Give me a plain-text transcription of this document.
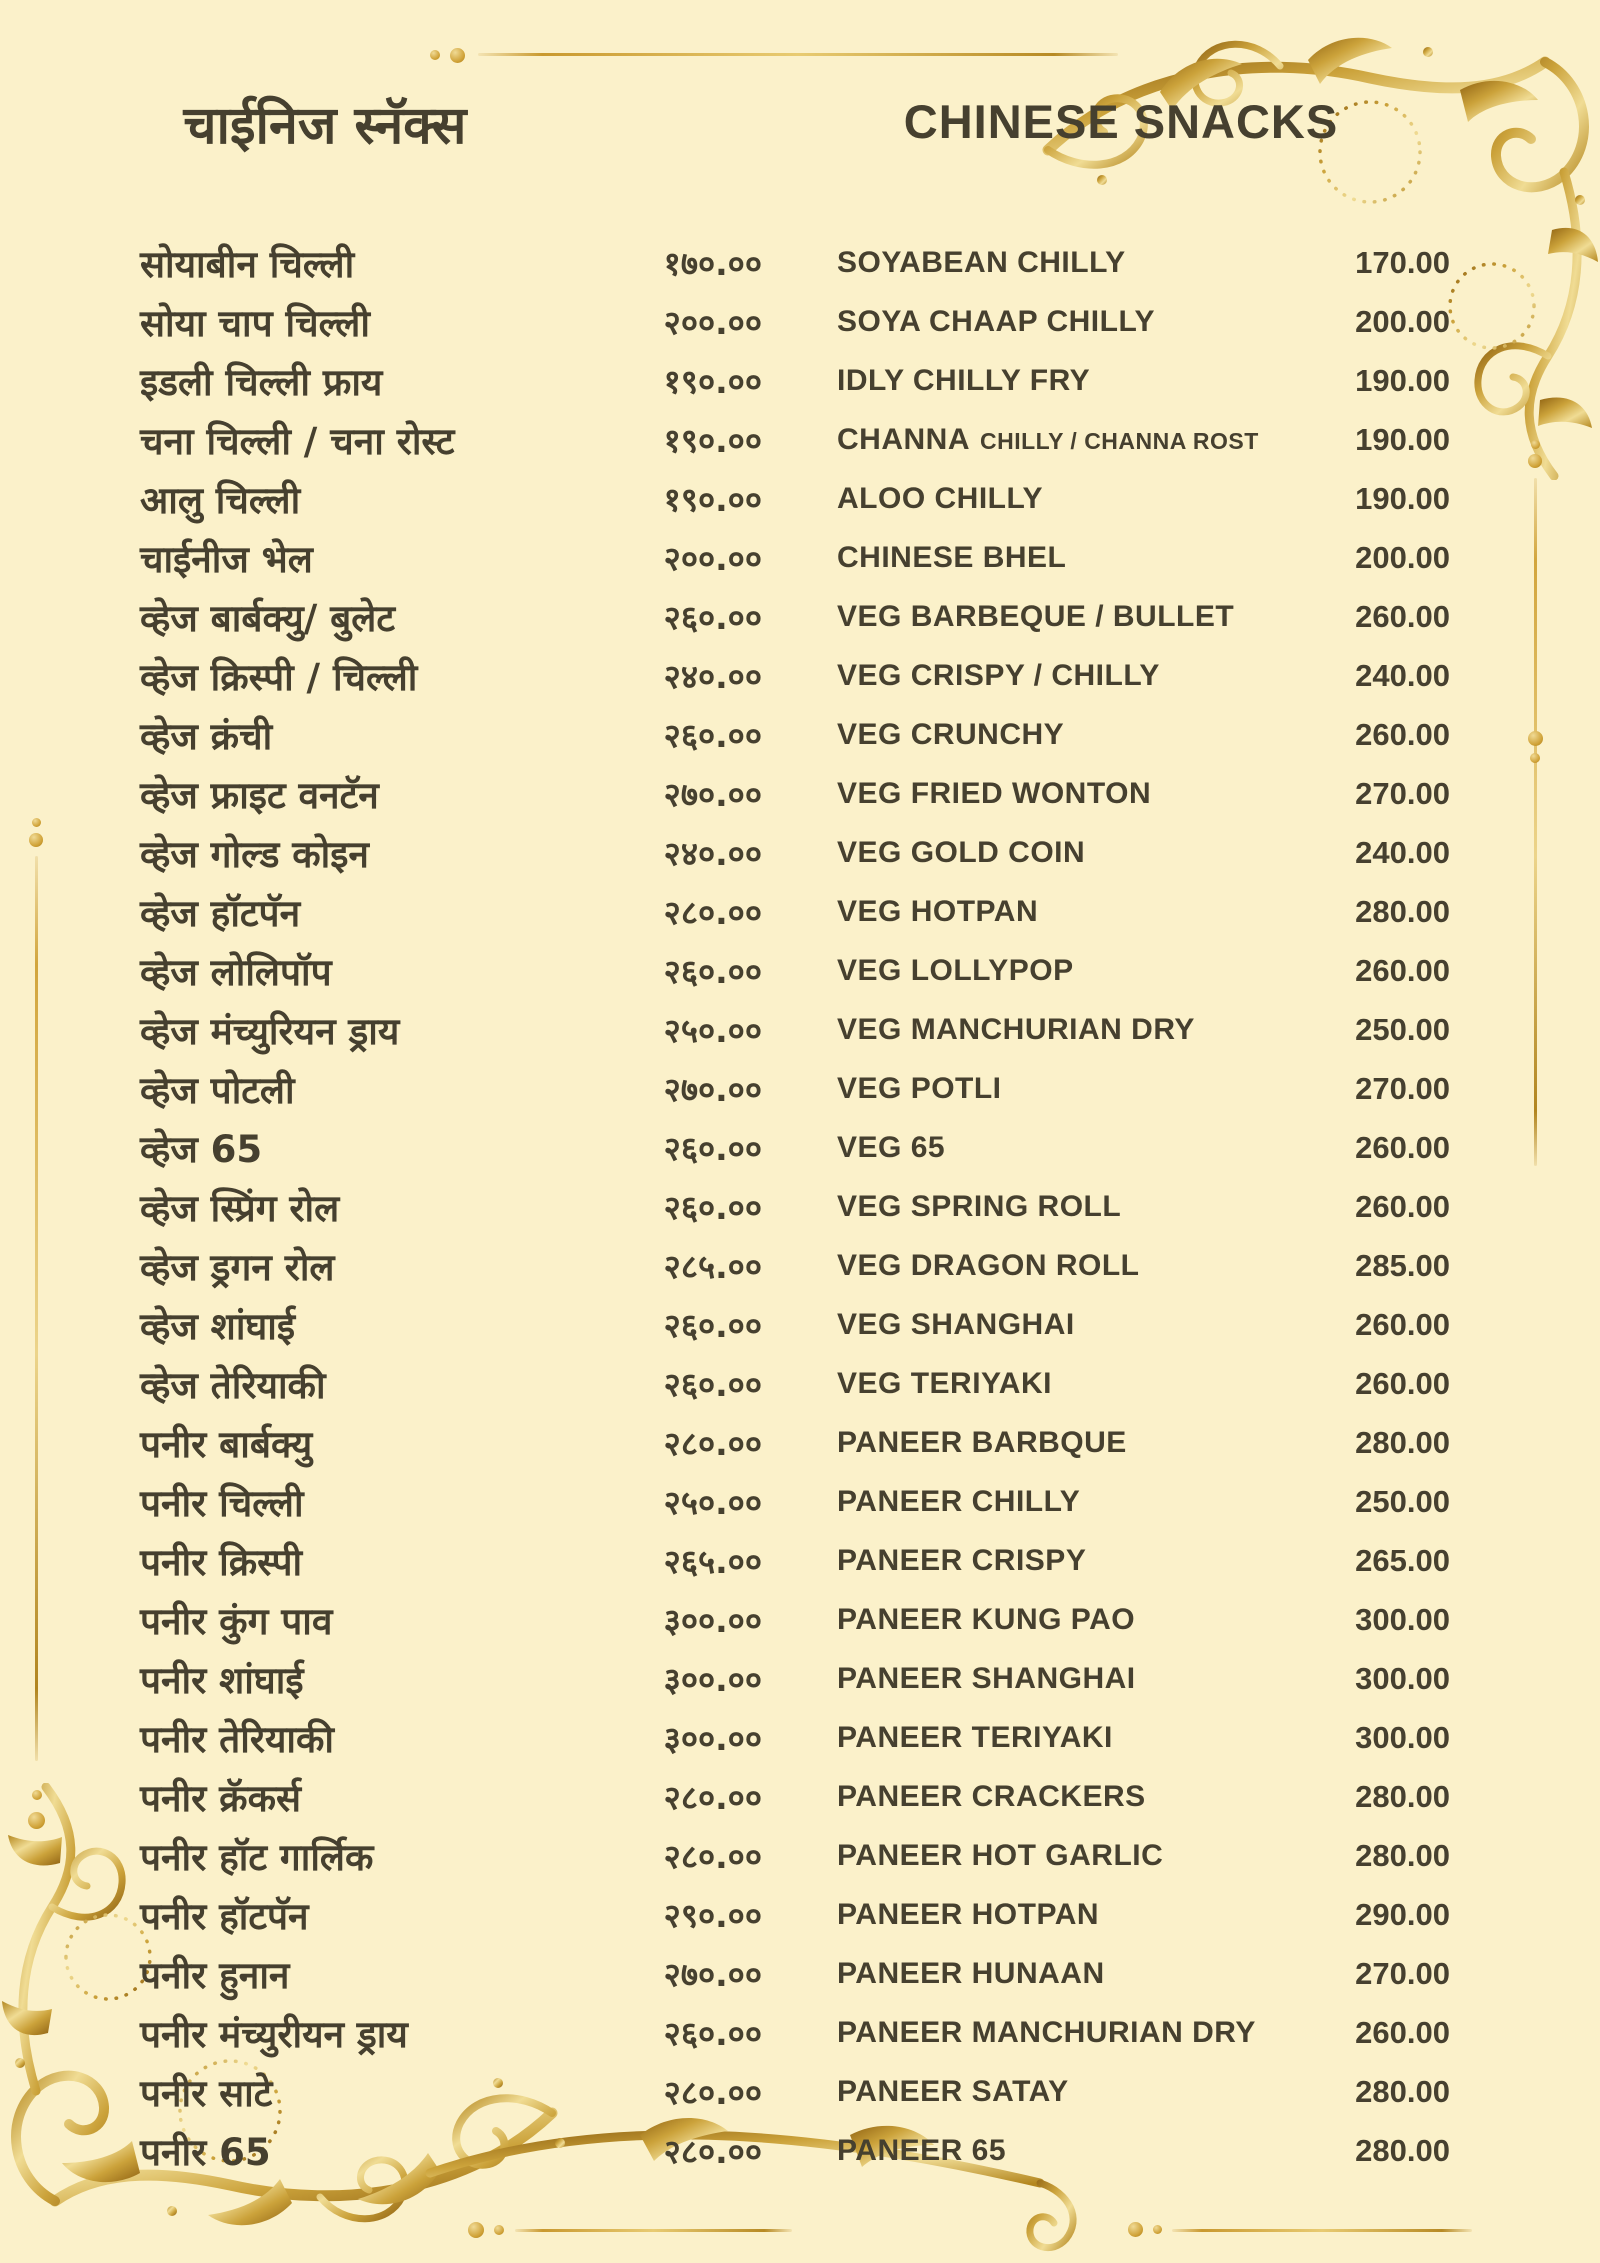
चाईनिज स्नॅक्स	CHINESE SNACKS
सोयाबीन चिल्ली	१७०.००	SOYABEAN CHILLY	170.00
सोया चाप चिल्ली	२००.००	SOYA CHAAP CHILLY	200.00
इडली चिल्ली फ्राय	१९०.००	IDLY CHILLY FRY	190.00
चना चिल्ली / चना रोस्ट	१९०.००	CHANNA CHILLY / CHANNA ROST	190.00
आलु चिल्ली	१९०.००	ALOO CHILLY	190.00
चाईनीज भेल	२००.००	CHINESE BHEL	200.00
व्हेज बार्बक्यु/ बुलेट	२६०.००	VEG BARBEQUE / BULLET	260.00
व्हेज क्रिस्पी / चिल्ली	२४०.००	VEG CRISPY / CHILLY	240.00
व्हेज क्रंची	२६०.००	VEG CRUNCHY	260.00
व्हेज फ्राइट वनटॅन	२७०.००	VEG FRIED WONTON	270.00
व्हेज गोल्ड कोइन	२४०.००	VEG GOLD COIN	240.00
व्हेज हॉटपॅन	२८०.००	VEG HOTPAN	280.00
व्हेज लोलिपॉप	२६०.००	VEG LOLLYPOP	260.00
व्हेज मंच्युरियन ड्राय	२५०.००	VEG MANCHURIAN DRY	250.00
व्हेज पोटली	२७०.००	VEG POTLI	270.00
व्हेज 65	२६०.००	VEG 65	260.00
व्हेज स्प्रिंग रोल	२६०.००	VEG SPRING ROLL	260.00
व्हेज ड्रगन रोल	२८५.००	VEG DRAGON ROLL	285.00
व्हेज शांघाई	२६०.००	VEG SHANGHAI	260.00
व्हेज तेरियाकी	२६०.००	VEG TERIYAKI	260.00
पनीर बार्बक्यु	२८०.००	PANEER BARBQUE	280.00
पनीर चिल्ली	२५०.००	PANEER CHILLY	250.00
पनीर क्रिस्पी	२६५.००	PANEER CRISPY	265.00
पनीर कुंग पाव	३००.००	PANEER KUNG PAO	300.00
पनीर शांघाई	३००.००	PANEER SHANGHAI	300.00
पनीर तेरियाकी	३००.००	PANEER TERIYAKI	300.00
पनीर क्रॅकर्स	२८०.००	PANEER CRACKERS	280.00
पनीर हॉट गार्लिक	२८०.००	PANEER HOT GARLIC	280.00
पनीर हॉटपॅन	२९०.००	PANEER HOTPAN	290.00
पनीर हुनान	२७०.००	PANEER HUNAAN	270.00
पनीर मंच्युरीयन ड्राय	२६०.००	PANEER MANCHURIAN DRY	260.00
पनीर साटे	२८०.००	PANEER SATAY	280.00
पनीर 65	२८०.००	PANEER 65	280.00
